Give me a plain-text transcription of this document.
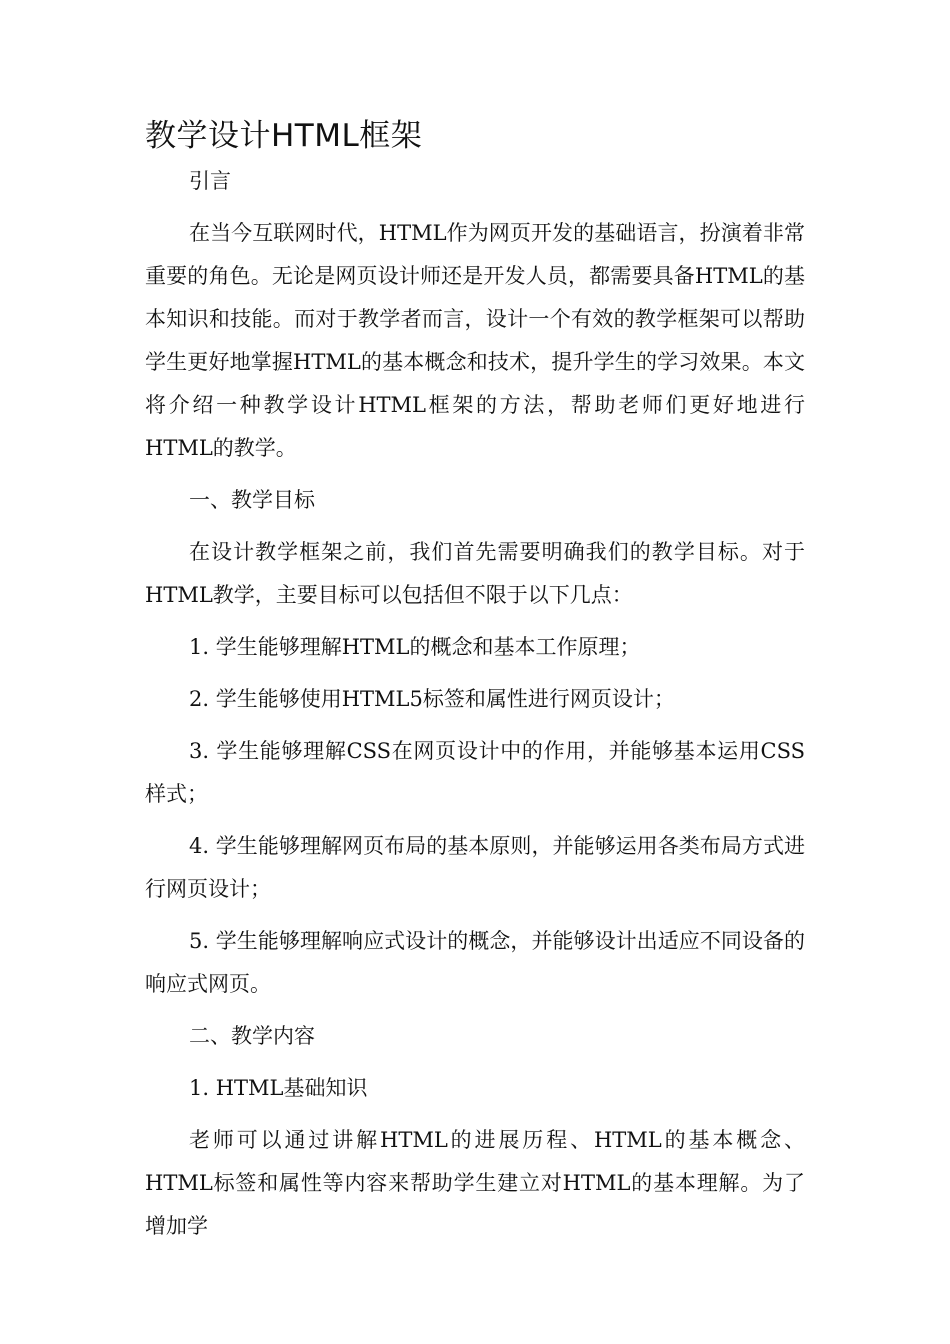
教学设计HTML框架

引言

在当今互联网时代，HTML作为网页开发的基础语言，扮演着非常重要的角色。无论是网页设计师还是开发人员，都需要具备HTML的基本知识和技能。而对于教学者而言，设计一个有效的教学框架可以帮助学生更好地掌握HTML的基本概念和技术，提升学生的学习效果。本文将介绍一种教学设计HTML框架的方法，帮助老师们更好地进行HTML的教学。

一、教学目标

在设计教学框架之前，我们首先需要明确我们的教学目标。对于HTML教学，主要目标可以包括但不限于以下几点：

1. 学生能够理解HTML的概念和基本工作原理；

2. 学生能够使用HTML5标签和属性进行网页设计；

3. 学生能够理解CSS在网页设计中的作用，并能够基本运用CSS样式；

4. 学生能够理解网页布局的基本原则，并能够运用各类布局方式进行网页设计；

5. 学生能够理解响应式设计的概念，并能够设计出适应不同设备的响应式网页。

二、教学内容

1. HTML基础知识

老师可以通过讲解HTML的进展历程、HTML的基本概念、HTML标签和属性等内容来帮助学生建立对HTML的基本理解。为了增加学
